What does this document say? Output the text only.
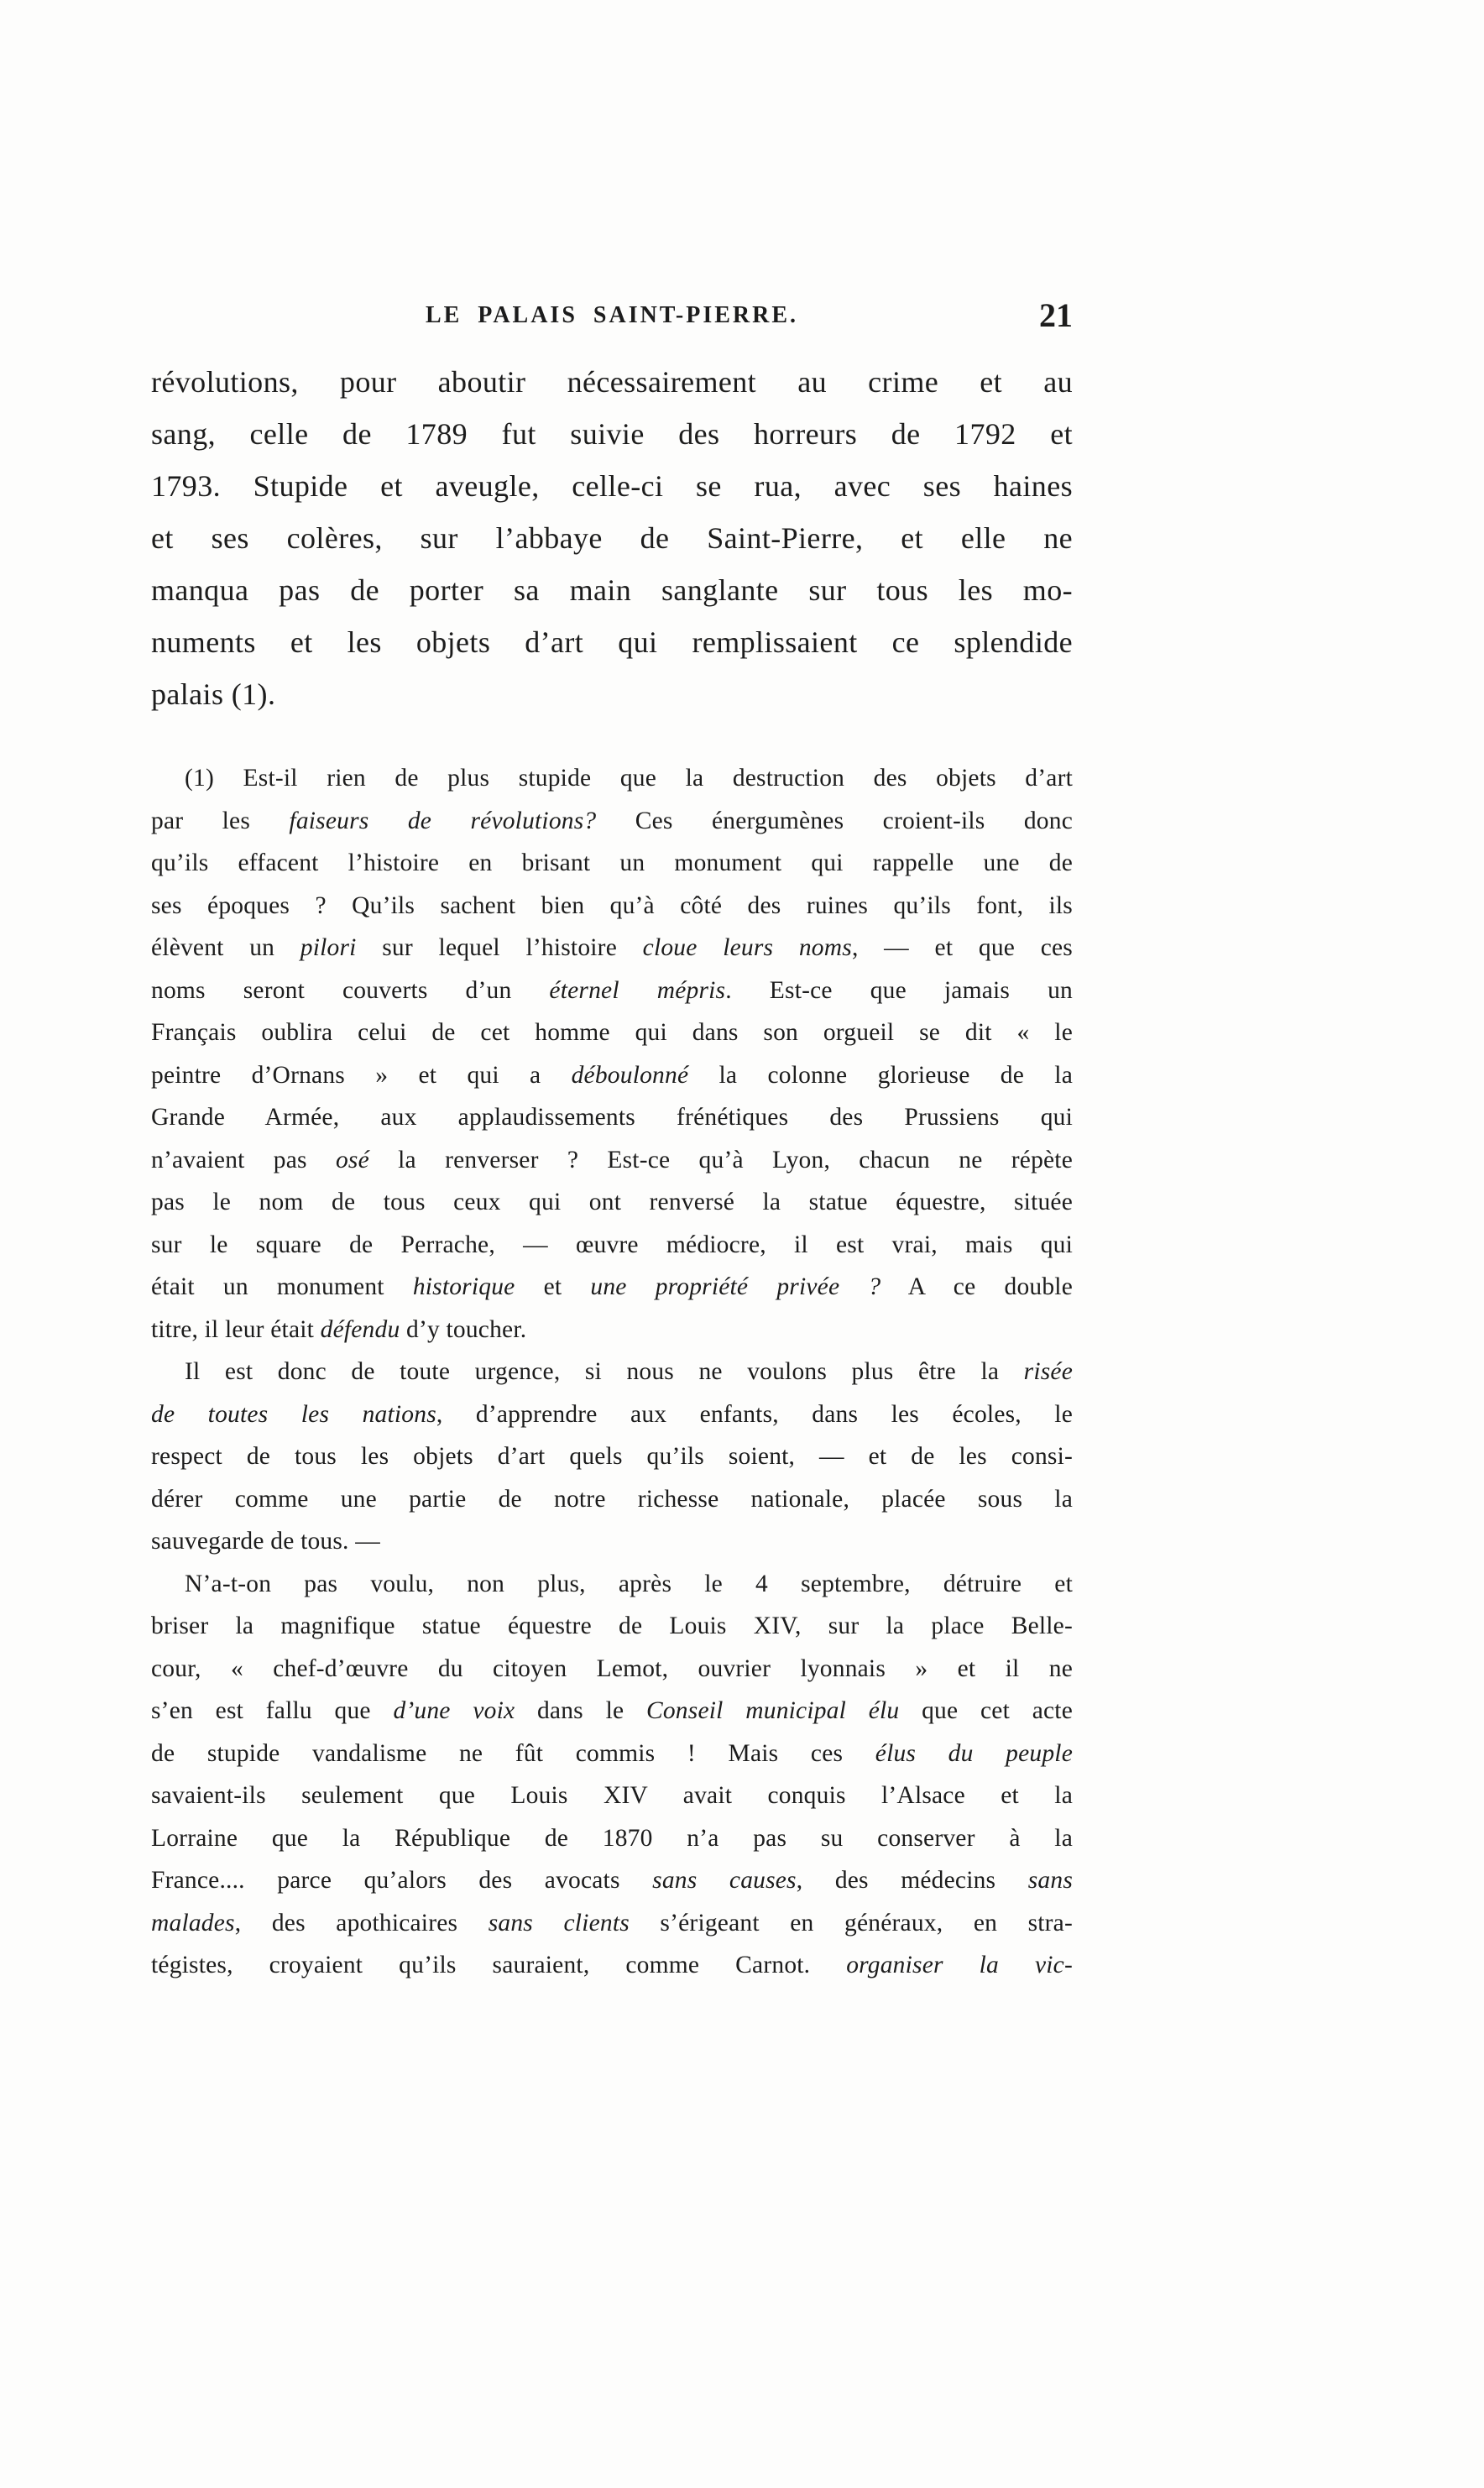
LE PALAIS SAINT-PIERRE.	21
révolutions, pour aboutir nécessairement au crime et au
sang, celle de 1789 fut suivie des horreurs de 1792 et
1793. Stupide et aveugle, celle-ci se rua, avec ses haines
et ses colères, sur l’abbaye de Saint-Pierre, et elle ne
manqua pas de porter sa main sanglante sur tous les mo-
numents et les objets d’art qui remplissaient ce splendide
palais (1).
(1) Est-il rien de plus stupide que la destruction des objets d’art
par les faiseurs de révolutions? Ces énergumènes croient-ils donc
qu’ils effacent l’histoire en brisant un monument qui rappelle une de
ses époques ? Qu’ils sachent bien qu’à côté des ruines qu’ils font, ils
élèvent un pilori sur lequel l’histoire cloue leurs noms, — et que ces
noms seront couverts d’un éternel mépris. Est-ce que jamais un
Français oublira celui de cet homme qui dans son orgueil se dit « le
peintre d’Ornans » et qui a déboulonné la colonne glorieuse de la
Grande Armée, aux applaudissements frénétiques des Prussiens qui
n’avaient pas osé la renverser ? Est-ce qu’à Lyon, chacun ne répète
pas le nom de tous ceux qui ont renversé la statue équestre, située
sur le square de Perrache, — œuvre médiocre, il est vrai, mais qui
était un monument historique et une propriété privée ? A ce double
titre, il leur était défendu d’y toucher.
Il est donc de toute urgence, si nous ne voulons plus être la risée
de toutes les nations, d’apprendre aux enfants, dans les écoles, le
respect de tous les objets d’art quels qu’ils soient, — et de les consi-
dérer comme une partie de notre richesse nationale, placée sous la
sauvegarde de tous. —
N’a-t-on pas voulu, non plus, après le 4 septembre, détruire et
briser la magnifique statue équestre de Louis XIV, sur la place Belle-
cour, « chef-d’œuvre du citoyen Lemot, ouvrier lyonnais » et il ne
s’en est fallu que d’une voix dans le Conseil municipal élu que cet acte
de stupide vandalisme ne fût commis ! Mais ces élus du peuple
savaient-ils seulement que Louis XIV avait conquis l’Alsace et la
Lorraine que la République de 1870 n’a pas su conserver à la
France.... parce qu’alors des avocats sans causes, des médecins sans
malades, des apothicaires sans clients s’érigeant en généraux, en stra-
tégistes, croyaient qu’ils sauraient, comme Carnot. organiser la vic-
